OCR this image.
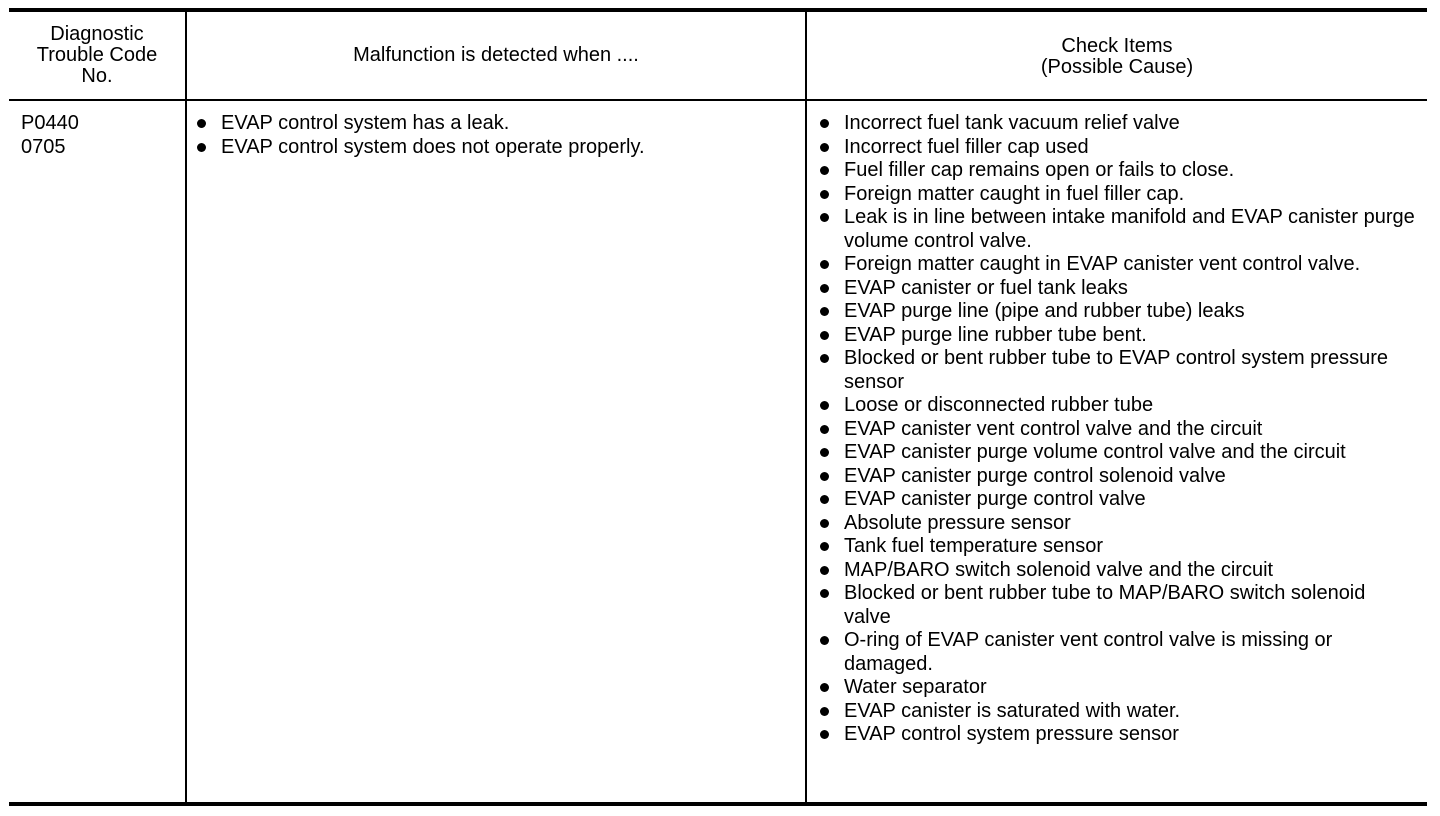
Diagnostic
Trouble Code
No.
Malfunction is detected when ....	Check Items
(Possible Cause)
P0440
0705
EVAP control system has a leak.
EVAP control system does not operate properly.
Incorrect fuel tank vacuum relief valve
Incorrect fuel filler cap used
Fuel filler cap remains open or fails to close.
Foreign matter caught in fuel filler cap.
Leak is in line between intake manifold and EVAP canister purge volume control valve.
Foreign matter caught in EVAP canister vent control valve.
EVAP canister or fuel tank leaks
EVAP purge line (pipe and rubber tube) leaks
EVAP purge line rubber tube bent.
Blocked or bent rubber tube to EVAP control system pressure sensor
Loose or disconnected rubber tube
EVAP canister vent control valve and the circuit
EVAP canister purge volume control valve and the circuit
EVAP canister purge control solenoid valve
EVAP canister purge control valve
Absolute pressure sensor
Tank fuel temperature sensor
MAP/BARO switch solenoid valve and the circuit
Blocked or bent rubber tube to MAP/BARO switch solenoid valve
O-ring of EVAP canister vent control valve is missing or damaged.
Water separator
EVAP canister is saturated with water.
EVAP control system pressure sensor
